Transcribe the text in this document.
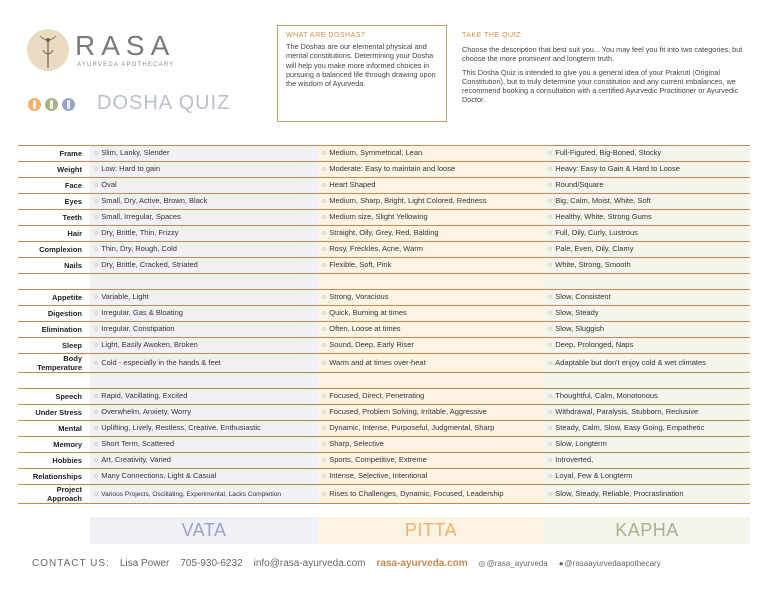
RASA
AYURVEDA APOTHECARY
DOSHA QUIZ
WHAT ARE DOSHAS?
The Doshas are our elemental physical and mental constitutions. Determining your Dosha will help you make more informed choices in pursuing a balanced life through drawing upon the wisdom of Ayurveda.
TAKE THE QUIZ:

Choose the description that best suit you... You may feel you fit into two categories, but choose the more prominent and longterm truth.

This Dosha Quiz is intended to give you a general idea of your Prakruti (Original Constitution), but to truly determine your constitution and any current imbalances, we recommend booking a consultation with a certified Ayurvedic Practitioner or Ayurvedic Doctor.

Frame	○ Slim, Lanky, Slender	○ Medium, Symmetrical, Lean	○ Full-Figured, Big-Boned, Stocky
Weight	○ Low: Hard to gain	○ Moderate: Easy to maintain and loose	○ Heavy: Easy to Gain & Hard to Loose
Face	○ Oval	○ Heart Shaped	○ Round/Square
Eyes	○ Small, Dry, Active, Brown, Black	○ Medium, Sharp, Bright, Light Colored, Redness	○ Big, Calm, Moist, White, Soft
Teeth	○ Small, Irregular, Spaces	○ Medium size, Slight Yellowing	○ Healthy, White, Strong Gums
Hair	○ Dry, Brittle, Thin, Frizzy	○ Straight, Oily, Grey, Red, Balding	○ Full, Oily, Curly, Lustrous
Complexion	○ Thin, Dry, Rough, Cold	○ Rosy, Freckles, Acne, Warm	○ Pale, Even, Oily, Clamy
Nails	○ Dry, Brittle, Cracked, Striated	○ Flexible, Soft, Pink	○ White, Strong, Smooth

Appetite	○ Variable, Light	○ Strong, Voracious	○ Slow, Consistent
Digestion	○ Irregular, Gas & Bloating	○ Quick, Burning at times	○ Slow, Steady
Elimination	○ Irregular, Constipation	○ Often, Loose at times	○ Slow, Sluggish
Sleep	○ Light, Easily Awoken, Broken	○ Sound, Deep, Early Riser	○ Deep, Prolonged, Naps
Body Temperature	○ Cold - especially in the hands & feet	○ Warm and at times over-heat	○ Adaptable but don't enjoy cold & wet climates

Speech	○ Rapid, Vacillating, Excited	○ Focused, Direct, Penetrating	○ Thoughtful, Calm, Monotonous
Under Stress	○ Overwhelm, Anxiety, Worry	○ Focused, Problem Solving, Irritable, Aggressive	○ Withdrawal, Paralysis, Stubborn, Reclusive
Mental	○ Uplifting, Lively, Restless, Creative, Enthusiastic	○ Dynamic, Intense, Purposeful, Judgmental, Sharp	○ Steady, Calm, Slow, Easy Going, Empathetic
Memory	○ Short Term, Scattered	○ Sharp, Selective	○ Slow, Longterm
Hobbies	○ Art, Creativity, Varied	○ Sports, Competitive, Extreme	○ Introverted,
Relationships	○ Many Connections, Light & Casual	○ Intense, Selective, Intentional	○ Loyal, Few & Longterm
Project Approach	○ Various Projects, Oscillating, Experimental, Lacks Completion	○ Rises to Challenges, Dynamic, Focused, Leadership	○ Slow, Steady, Reliable, Procrastination
VATA	PITTA	KAPHA
CONTACT US: Lisa Power 705-930-6232 info@rasa-ayurveda.com rasa-ayurveda.com ◎ @rasa_ayurveda ● @rasaayurvedaapothecary
